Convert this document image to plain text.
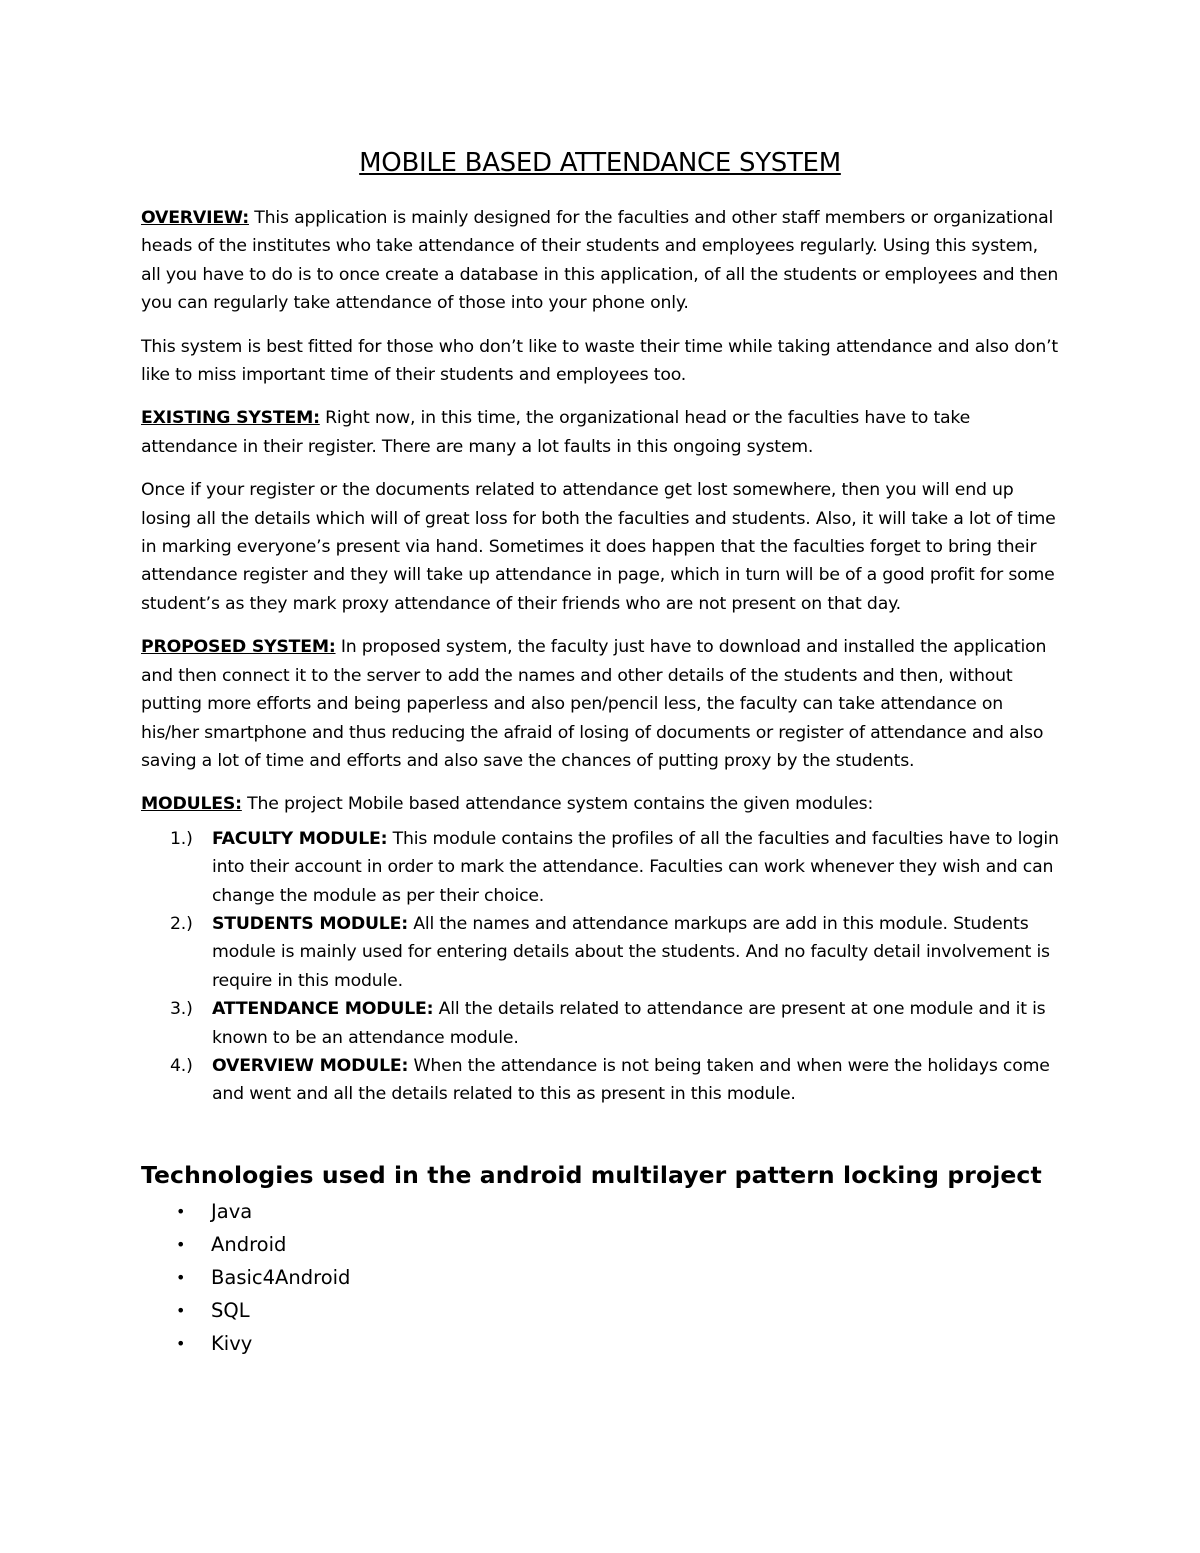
MOBILE BASED ATTENDANCE SYSTEM

OVERVIEW: This application is mainly designed for the faculties and other staff members or organizational heads of the institutes who take attendance of their students and employees regularly. Using this system, all you have to do is to once create a database in this application, of all the students or employees and then you can regularly take attendance of those into your phone only.

This system is best fitted for those who don’t like to waste their time while taking attendance and also don’t like to miss important time of their students and employees too.

EXISTING SYSTEM: Right now, in this time, the organizational head or the faculties have to take attendance in their register. There are many a lot faults in this ongoing system.

Once if your register or the documents related to attendance get lost somewhere, then you will end up losing all the details which will of great loss for both the faculties and students. Also, it will take a lot of time in marking everyone’s present via hand. Sometimes it does happen that the faculties forget to bring their attendance register and they will take up attendance in page, which in turn will be of a good profit for some student’s as they mark proxy attendance of their friends who are not present on that day.

PROPOSED SYSTEM: In proposed system, the faculty just have to download and installed the application and then connect it to the server to add the names and other details of the students and then, without putting more efforts and being paperless and also pen/pencil less, the faculty can take attendance on his/her smartphone and thus reducing the afraid of losing of documents or register of attendance and also saving a lot of time and efforts and also save the chances of putting proxy by the students.

MODULES: The project Mobile based attendance system contains the given modules:

1.) FACULTY MODULE: This module contains the profiles of all the faculties and faculties have to login into their account in order to mark the attendance. Faculties can work whenever they wish and can change the module as per their choice.
2.) STUDENTS MODULE: All the names and attendance markups are add in this module. Students module is mainly used for entering details about the students. And no faculty detail involvement is require in this module.
3.) ATTENDANCE MODULE: All the details related to attendance are present at one module and it is known to be an attendance module.
4.) OVERVIEW MODULE: When the attendance is not being taken and when were the holidays come and went and all the details related to this as present in this module.
Technologies used in the android multilayer pattern locking project
• Java
• Android
• Basic4Android
• SQL
• Kivy
